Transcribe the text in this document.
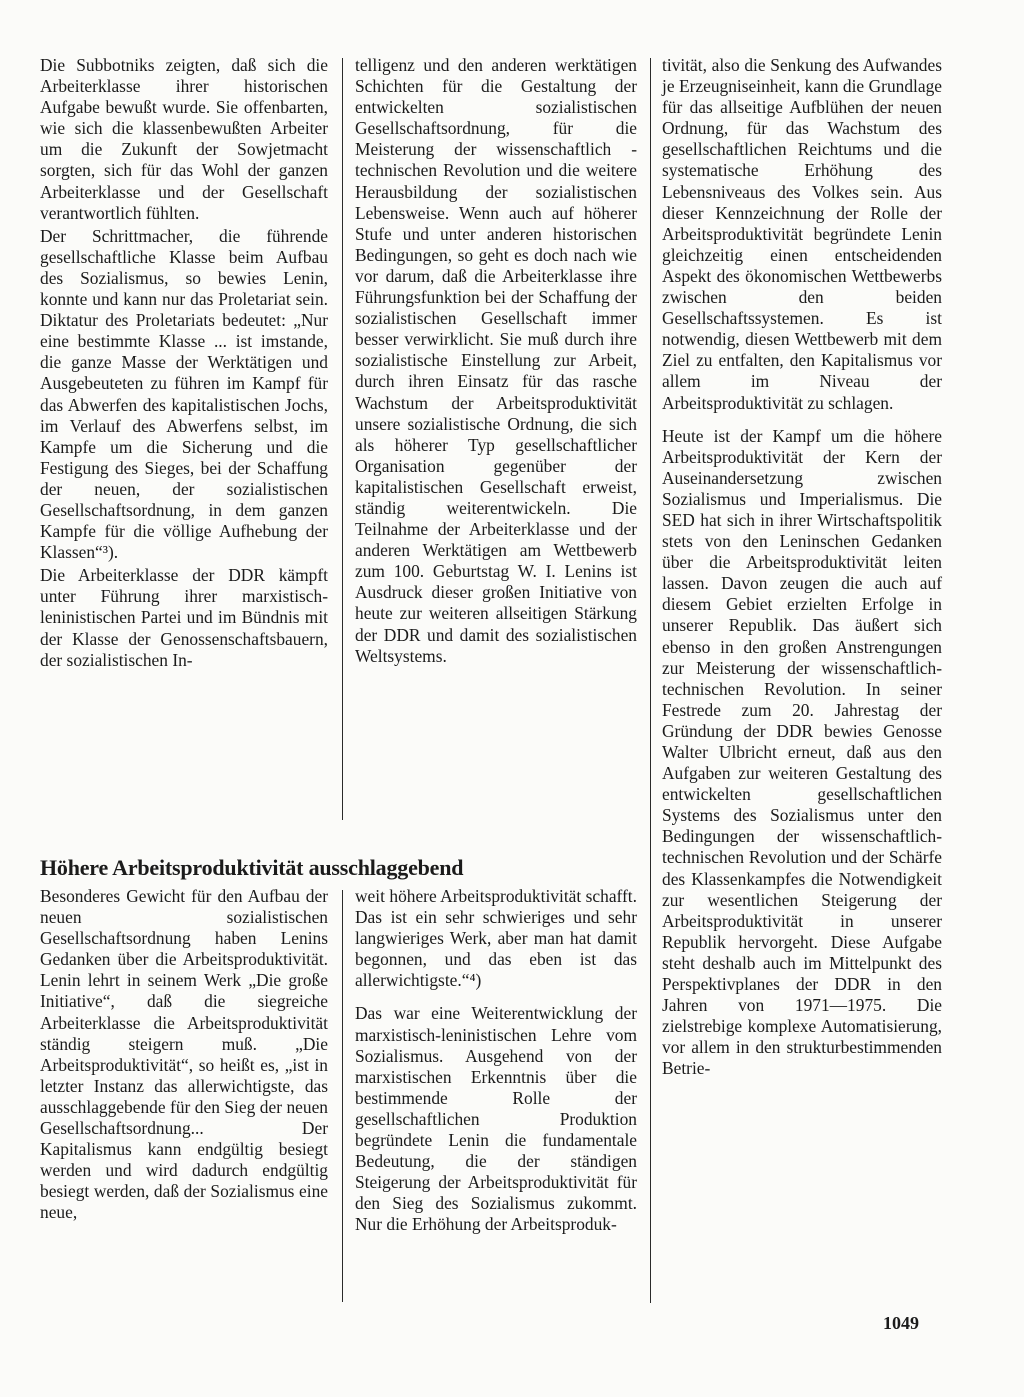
Die Subbotniks zeigten, daß sich die Arbeiterklasse ihrer historischen Aufgabe bewußt wurde. Sie offenbarten, wie sich die klassenbewußten Arbeiter um die Zukunft der Sowjetmacht sorgten, sich für das Wohl der ganzen Arbeiterklasse und der Gesellschaft verantwortlich fühlten.

Der Schrittmacher, die führende gesellschaftliche Klasse beim Aufbau des Sozialismus, so bewies Lenin, konnte und kann nur das Proletariat sein. Diktatur des Proletariats bedeutet: „Nur eine bestimmte Klasse ... ist imstande, die ganze Masse der Werktätigen und Ausgebeuteten zu führen im Kampf für das Abwerfen des kapitalistischen Jochs, im Verlauf des Abwerfens selbst, im Kampfe um die Sicherung und die Festigung des Sieges, bei der Schaffung der neuen, der sozialistischen Gesellschaftsordnung, in dem ganzen Kampfe für die völlige Aufhebung der Klassen“³).

Die Arbeiterklasse der DDR kämpft unter Führung ihrer marxistisch-leninistischen Partei und im Bündnis mit der Klasse der Genossenschaftsbauern, der sozialistischen In-

telligenz und den anderen werktätigen Schichten für die Gestaltung der entwickelten sozialistischen Gesellschaftsordnung, für die Meisterung der wissenschaftlich - technischen Revolution und die weitere Herausbildung der sozialistischen Lebensweise. Wenn auch auf höherer Stufe und unter anderen historischen Bedingungen, so geht es doch nach wie vor darum, daß die Arbeiterklasse ihre Führungsfunktion bei der Schaffung der sozialistischen Gesellschaft immer besser verwirklicht. Sie muß durch ihre sozialistische Einstellung zur Arbeit, durch ihren Einsatz für das rasche Wachstum der Arbeitsproduktivität unsere sozialistische Ordnung, die sich als höherer Typ gesellschaftlicher Organisation gegenüber der kapitalistischen Gesellschaft erweist, ständig weiterentwickeln. Die Teilnahme der Arbeiterklasse und der anderen Werktätigen am Wettbewerb zum 100. Geburtstag W. I. Lenins ist Ausdruck dieser großen Initiative von heute zur weiteren allseitigen Stärkung der DDR und damit des sozialistischen Weltsystems.

tivität, also die Senkung des Aufwandes je Erzeugniseinheit, kann die Grundlage für das allseitige Aufblühen der neuen Ordnung, für das Wachstum des gesellschaftlichen Reichtums und die systematische Erhöhung des Lebensniveaus des Volkes sein. Aus dieser Kennzeichnung der Rolle der Arbeitsproduktivität begründete Lenin gleichzeitig einen entscheidenden Aspekt des ökonomischen Wettbewerbs zwischen den beiden Gesellschaftssystemen. Es ist notwendig, diesen Wettbewerb mit dem Ziel zu entfalten, den Kapitalismus vor allem im Niveau der Arbeitsproduktivität zu schlagen.

Heute ist der Kampf um die höhere Arbeitsproduktivität der Kern der Auseinandersetzung zwischen Sozialismus und Imperialismus. Die SED hat sich in ihrer Wirtschaftspolitik stets von den Leninschen Gedanken über die Arbeitsproduktivität leiten lassen. Davon zeugen die auch auf diesem Gebiet erzielten Erfolge in unserer Republik. Das äußert sich ebenso in den großen Anstrengungen zur Meisterung der wissenschaftlich-technischen Revolution. In seiner Festrede zum 20. Jahrestag der Gründung der DDR bewies Genosse Walter Ulbricht erneut, daß aus den Aufgaben zur weiteren Gestaltung des entwickelten gesellschaftlichen Systems des Sozialismus unter den Bedingungen der wissenschaftlich-technischen Revolution und der Schärfe des Klassenkampfes die Notwendigkeit zur wesentlichen Steigerung der Arbeitsproduktivität in unserer Republik hervorgeht. Diese Aufgabe steht deshalb auch im Mittelpunkt des Perspektivplanes der DDR in den Jahren von 1971—1975. Die zielstrebige komplexe Automatisierung, vor allem in den strukturbestimmenden Betrie-

Höhere Arbeitsproduktivität ausschlaggebend

Besonderes Gewicht für den Aufbau der neuen sozialistischen Gesellschaftsordnung haben Lenins Gedanken über die Arbeitsproduktivität. Lenin lehrt in seinem Werk „Die große Initiative“, daß die siegreiche Arbeiterklasse die Arbeitsproduktivität ständig steigern muß. „Die Arbeitsproduktivität“, so heißt es, „ist in letzter Instanz das allerwichtigste, das ausschlaggebende für den Sieg der neuen Gesellschaftsordnung... Der Kapitalismus kann endgültig besiegt werden und wird dadurch endgültig besiegt werden, daß der Sozialismus eine neue,

weit höhere Arbeitsproduktivität schafft. Das ist ein sehr schwieriges und sehr langwieriges Werk, aber man hat damit begonnen, und das eben ist das allerwichtigste.“⁴)

Das war eine Weiterentwicklung der marxistisch-leninistischen Lehre vom Sozialismus. Ausgehend von der marxistischen Erkenntnis über die bestimmende Rolle der gesellschaftlichen Produktion begründete Lenin die fundamentale Bedeutung, die der ständigen Steigerung der Arbeitsproduktivität für den Sieg des Sozialismus zukommt. Nur die Erhöhung der Arbeitsproduk-

1049
